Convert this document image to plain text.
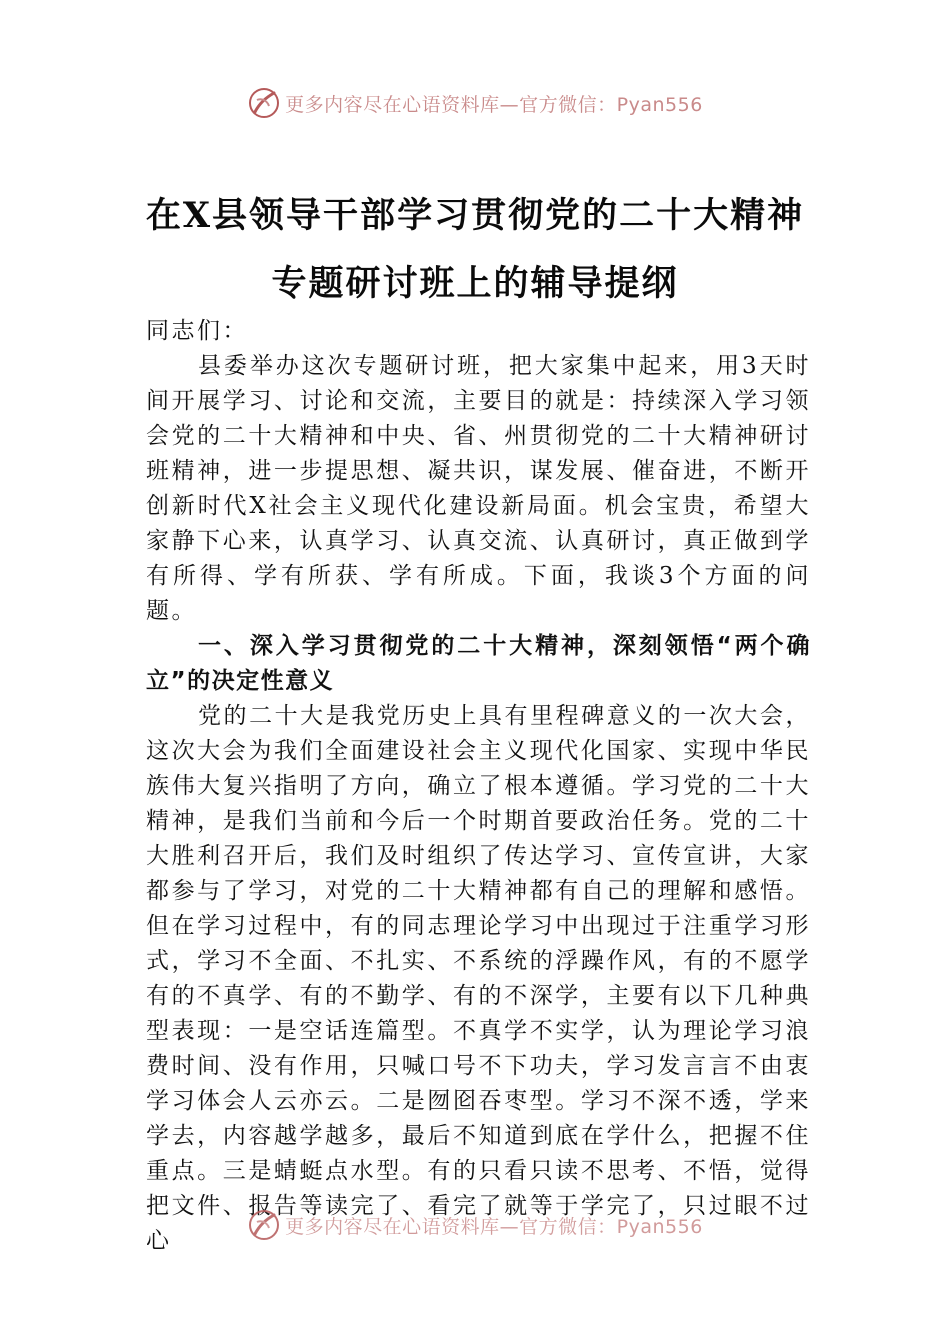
更多内容尽在心语资料库—官方微信：Pyan556
在X县领导干部学习贯彻党的二十大精神
专题研讨班上的辅导提纲

同志们：

县委举办这次专题研讨班，把大家集中起来，用3天时间开展学习、讨论和交流，主要目的就是：持续深入学习领会党的二十大精神和中央、省、州贯彻党的二十大精神研讨班精神，进一步提思想、凝共识，谋发展、催奋进，不断开创新时代X社会主义现代化建设新局面。机会宝贵，希望大家静下心来，认真学习、认真交流、认真研讨，真正做到学有所得、学有所获、学有所成。下面，我谈3个方面的问题。

一、深入学习贯彻党的二十大精神，深刻领悟“两个确立”的决定性意义

党的二十大是我党历史上具有里程碑意义的一次大会，这次大会为我们全面建设社会主义现代化国家、实现中华民族伟大复兴指明了方向，确立了根本遵循。学习党的二十大精神，是我们当前和今后一个时期首要政治任务。党的二十大胜利召开后，我们及时组织了传达学习、宣传宣讲，大家都参与了学习，对党的二十大精神都有自己的理解和感悟。但在学习过程中，有的同志理论学习中出现过于注重学习形式，学习不全面、不扎实、不系统的浮躁作风，有的不愿学有的不真学、有的不勤学、有的不深学，主要有以下几种典型表现：一是空话连篇型。不真学不实学，认为理论学习浪费时间、没有作用，只喊口号不下功夫，学习发言言不由衷学习体会人云亦云。二是囫囵吞枣型。学习不深不透，学来学去，内容越学越多，最后不知道到底在学什么，把握不住重点。三是蜻蜓点水型。有的只看只读不思考、不悟，觉得把文件、报告等读完了、看完了就等于学完了，只过眼不过心

更多内容尽在心语资料库—官方微信：Pyan556
